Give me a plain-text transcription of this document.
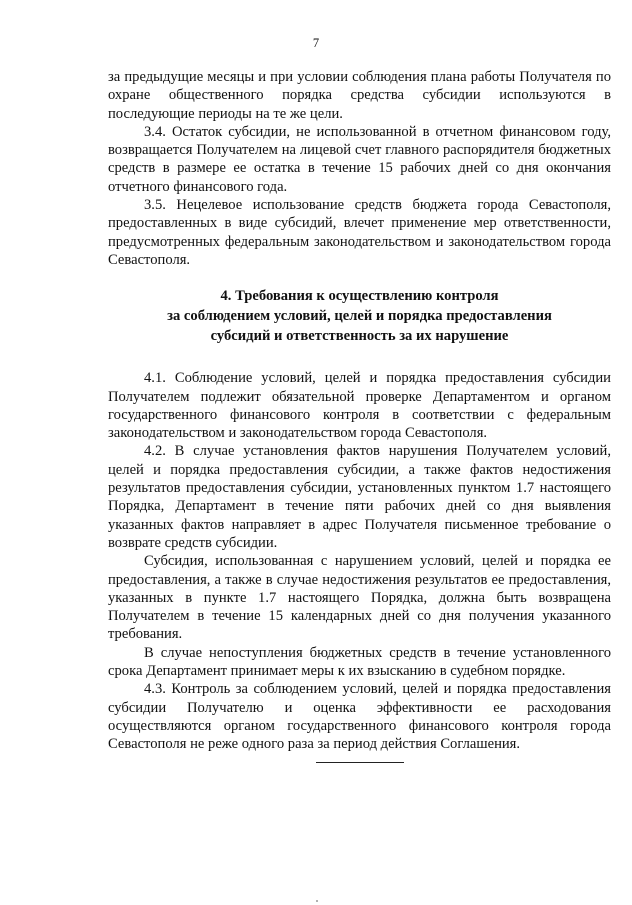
7

за предыдущие месяцы и при условии соблюдения плана работы Получателя по охране общественного порядка средства субсидии используются в последующие периоды на те же цели.

3.4. Остаток субсидии, не использованной в отчетном финансовом году, возвращается Получателем на лицевой счет главного распорядителя бюджетных средств в размере ее остатка в течение 15 рабочих дней со дня окончания отчетного финансового года.

3.5. Нецелевое использование средств бюджета города Севастополя, предоставленных в виде субсидий, влечет применение мер ответственности, предусмотренных федеральным законодательством и законодательством города Севастополя.

4. Требования к осуществлению контроля
за соблюдением условий, целей и порядка предоставления
субсидий и ответственность за их нарушение

4.1. Соблюдение условий, целей и порядка предоставления субсидии Получателем подлежит обязательной проверке Департаментом и органом государственного финансового контроля в соответствии с федеральным законодательством и законодательством города Севастополя.

4.2. В случае установления фактов нарушения Получателем условий, целей и порядка предоставления субсидии, а также фактов недостижения результатов предоставления субсидии, установленных пунктом 1.7 настоящего Порядка, Департамент в течение пяти рабочих дней со дня выявления указанных фактов направляет в адрес Получателя письменное требование о возврате средств субсидии.

Субсидия, использованная с нарушением условий, целей и порядка ее предоставления, а также в случае недостижения результатов ее предоставления, указанных в пункте 1.7 настоящего Порядка, должна быть возвращена Получателем в течение 15 календарных дней со дня получения указанного требования.

В случае непоступления бюджетных средств в течение установленного срока Департамент принимает меры к их взысканию в судебном порядке.

4.3. Контроль за соблюдением условий, целей и порядка предоставления субсидии Получателю и оценка эффективности ее расходования осуществляются органом государственного финансового контроля города Севастополя не реже одного раза за период действия Соглашения.
